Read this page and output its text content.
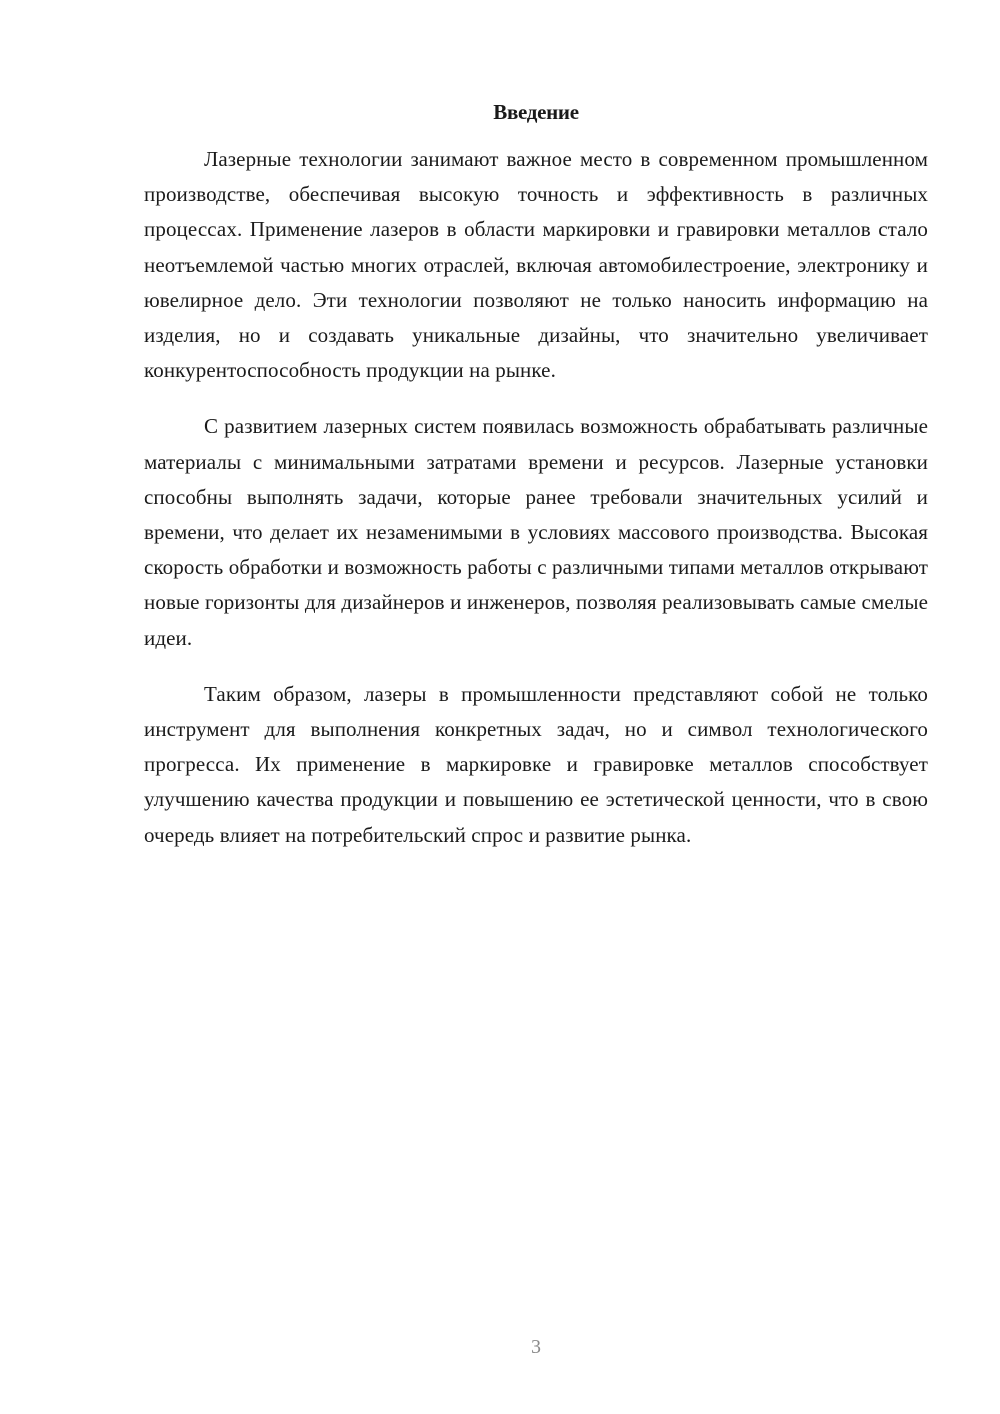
Введение

Лазерные технологии занимают важное место в современном промышленном производстве, обеспечивая высокую точность и эффективность в различных процессах. Применение лазеров в области маркировки и гравировки металлов стало неотъемлемой частью многих отраслей, включая автомобилестроение, электронику и ювелирное дело. Эти технологии позволяют не только наносить информацию на изделия, но и создавать уникальные дизайны, что значительно увеличивает конкурентоспособность продукции на рынке.

С развитием лазерных систем появилась возможность обрабатывать различные материалы с минимальными затратами времени и ресурсов. Лазерные установки способны выполнять задачи, которые ранее требовали значительных усилий и времени, что делает их незаменимыми в условиях массового производства. Высокая скорость обработки и возможность работы с различными типами металлов открывают новые горизонты для дизайнеров и инженеров, позволяя реализовывать самые смелые идеи.

Таким образом, лазеры в промышленности представляют собой не только инструмент для выполнения конкретных задач, но и символ технологического прогресса. Их применение в маркировке и гравировке металлов способствует улучшению качества продукции и повышению ее эстетической ценности, что в свою очередь влияет на потребительский спрос и развитие рынка.

3
